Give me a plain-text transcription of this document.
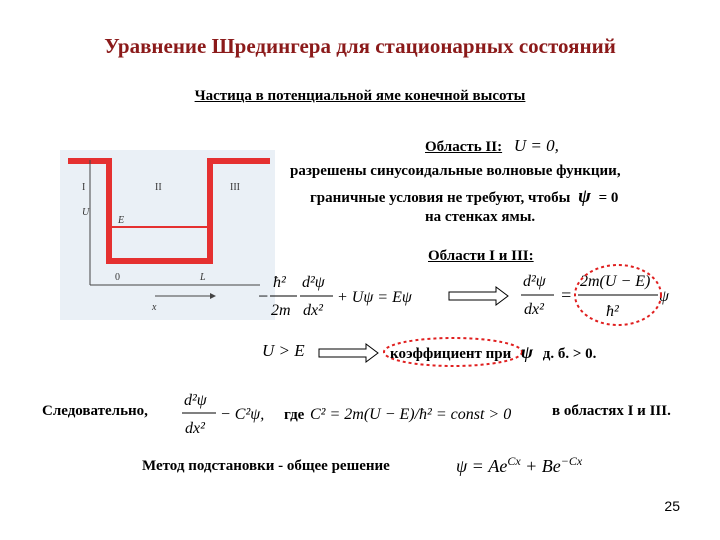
Уравнение Шредингера для стационарных состояний
Частица в потенциальной яме конечной высоты
I	II	III
U
E
0	L
x
Область II: U = 0,
разрешены синусоидальные волновые функции,
граничные условия не требуют, чтобы ψ = 0
на стенках ямы.
Области I и III:
−
ħ²
2m
d²ψ
dx²
+ Uψ = Eψ
d²ψ
dx²
=
2m(U − E)
ħ²
ψ
U > E	коэффициент при ψ д. б. > 0.
Следовательно,
d²ψ
dx²
− C²ψ, где C² = 2m(U − E)/ħ² = const > 0	в областях I и III.
Метод подстановки - общее решение	$\psi = Ae^{Cx} + Be^{-Cx}$
25
